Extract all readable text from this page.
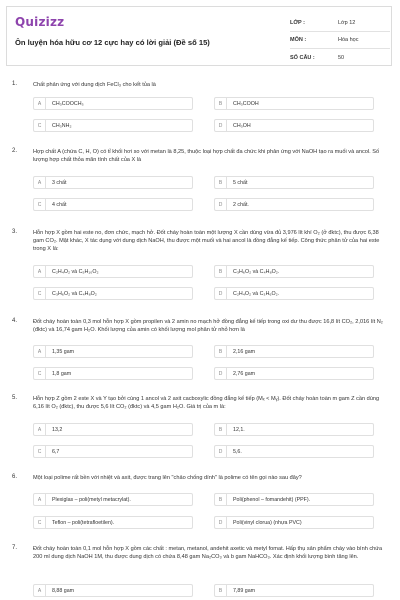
Quizizz
Ôn luyện hóa hữu cơ 12 cực hay có lời giải (Đề số 15)
LỚP :	Lớp 12
MÔN :	Hóa học
SỐ CÂU :	50
1.	Chất phản ứng với dung dịch FeCl₃ cho kết tủa là
A	CH₃COOCH₃	B	CH₃COOH
C	CH₃NH₂	D	CH₃OH
2.	Hợp chất A (chứa C, H, O) có tỉ khối hơi so với metan là 8,25, thuộc loại hợp chất đa chức khi phản ứng với NaOH tạo ra muối và ancol. Số lượng hợp chất thỏa mãn tính chất của X là
A	3 chất	B	5 chất
C	4 chất	D	2 chất.
3.	Hỗn hợp X gồm hai este no, đơn chức, mạch hở. Đốt cháy hoàn toàn một lượng X cần dùng vừa đủ 3,976 lít khí O₂ (ở đktc), thu được 6,38 gam CO₂. Mặt khác, X tác dụng với dung dịch NaOH, thu được một muối và hai ancol là đồng đẳng kế tiếp. Công thức phân tử của hai este trong X là:
A	C₂H₄O₂ và C₅H₁₀O₂	B	C₃H₆O₂ và C₄H₈O₂.
C	C₃H₆O₂ và C₄H₈O₂	D	C₂H₄O₂ và C₃H₆O₂.
4.	Đốt cháy hoàn toàn 0,3 mol hỗn hợp X gồm propilen và 2 amin no mạch hở đồng đẳng kế tiếp trong oxi dư thu được 16,8 lít CO₂, 2,016 lít N₂ (đktc) và 16,74 gam H₂O. Khối lượng của amin có khối lượng mol phân tử nhỏ hơn là
A	1,35 gam	B	2,16 gam
C	1,8 gam	D	2,76 gam
5.	Hỗn hợp Z gồm 2 este X và Y tạo bởi cùng 1 ancol và 2 axit cacboxylic đồng đẳng kế tiếp (Mₓ < Mᵧ). Đốt cháy hoàn toàn m gam Z cần dùng 6,16 lít O₂ (đktc), thu được 5,6 lít CO₂ (đktc) và 4,5 gam H₂O. Giá trị của m là:
A	13,2	B	12,1.
C	6,7	D	5,6.
6.	Một loại polime rất bền với nhiệt và axit, được trang lên "chảo chống dính" là polime có tên gọi nào sau đây?
A	Plexiglas – poli(metyl metacrylat).	B	Poli(phenol – fomandehit) (PPF).
C	Teflon – poli(tetrafloetilen).	D	Poli(vinyl clorua) (nhựa PVC)
7.	Đốt cháy hoàn toàn 0,1 mol hỗn hợp X gồm các chất : metan, metanol, andehit axetic và metyl fomat. Hấp thụ sản phẩm cháy vào bình chứa 200 ml dung dịch NaOH 1M, thu được dung dịch có chứa 8,48 gam Na₂CO₃ và b gam NaHCO₃. Xác định khối lượng bình tăng lên.
A	8,88 gam	B	7,89 gam
